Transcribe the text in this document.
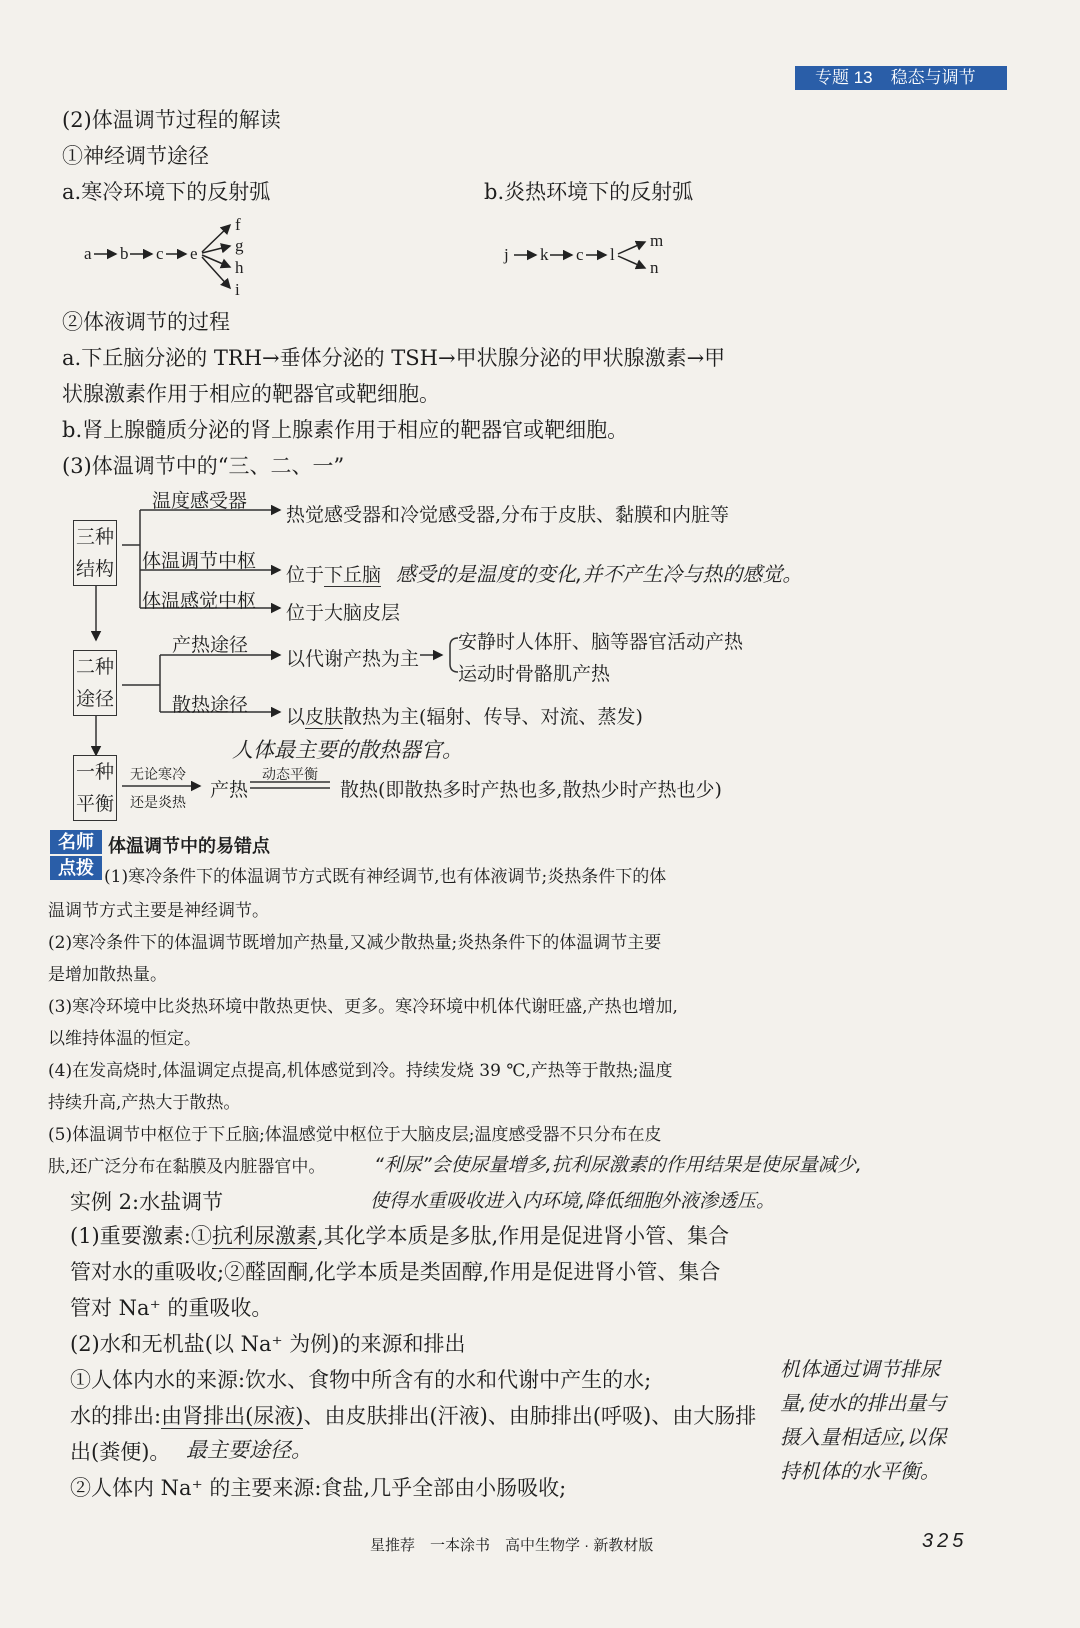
专题 13 稳态与调节
(2)体温调节过程的解读
①神经调节途径
a.寒冷环境下的反射弧	b.炎热环境下的反射弧
a b c e
f
g
h
i
j k c l
m
n
②体液调节的过程
a.下丘脑分泌的 TRH→垂体分泌的 TSH→甲状腺分泌的甲状腺激素→甲
状腺激素作用于相应的靶器官或靶细胞。
b.肾上腺髓质分泌的肾上腺素作用于相应的靶器官或靶细胞。
(3)体温调节中的“三、二、一”
三种
结构
二种
途径
一种
平衡
温度感受器
热觉感受器和冷觉感受器,分布于皮肤、黏膜和内脏等
体温调节中枢
位于下丘脑 感受的是温度的变化,并不产生冷与热的感觉。
体温感觉中枢
位于大脑皮层
产热途径
以代谢产热为主
安静时人体肝、脑等器官活动产热
运动时骨骼肌产热
散热途径
以皮肤散热为主(辐射、传导、对流、蒸发)
人体最主要的散热器官。
无论寒冷
还是炎热
产热
动态平衡
散热(即散热多时产热也多,散热少时产热也少)
名师
点拨
体温调节中的易错点
(1)寒冷条件下的体温调节方式既有神经调节,也有体液调节;炎热条件下的体
温调节方式主要是神经调节。
(2)寒冷条件下的体温调节既增加产热量,又减少散热量;炎热条件下的体温调节主要
是增加散热量。
(3)寒冷环境中比炎热环境中散热更快、更多。寒冷环境中机体代谢旺盛,产热也增加,
以维持体温的恒定。
(4)在发高烧时,体温调定点提高,机体感觉到冷。持续发烧 39 ℃,产热等于散热;温度
持续升高,产热大于散热。
(5)体温调节中枢位于下丘脑;体温感觉中枢位于大脑皮层;温度感受器不只分布在皮
肤,还广泛分布在黏膜及内脏器官中。	“利尿”会使尿量增多,抗利尿激素的作用结果是使尿量减少,
使得水重吸收进入内环境,降低细胞外液渗透压。
实例 2:水盐调节
(1)重要激素:①抗利尿激素,其化学本质是多肽,作用是促进肾小管、集合
管对水的重吸收;②醛固酮,化学本质是类固醇,作用是促进肾小管、集合
管对 Na⁺ 的重吸收。
(2)水和无机盐(以 Na⁺ 为例)的来源和排出
①人体内水的来源:饮水、食物中所含有的水和代谢中产生的水;
水的排出:由肾排出(尿液)、由皮肤排出(汗液)、由肺排出(呼吸)、由大肠排
出(粪便)。 最主要途径。
②人体内 Na⁺ 的主要来源:食盐,几乎全部由小肠吸收;
机体通过调节排尿
量,使水的排出量与
摄入量相适应,以保
持机体的水平衡。
星推荐　一本涂书　高中生物学 · 新教材版	325
